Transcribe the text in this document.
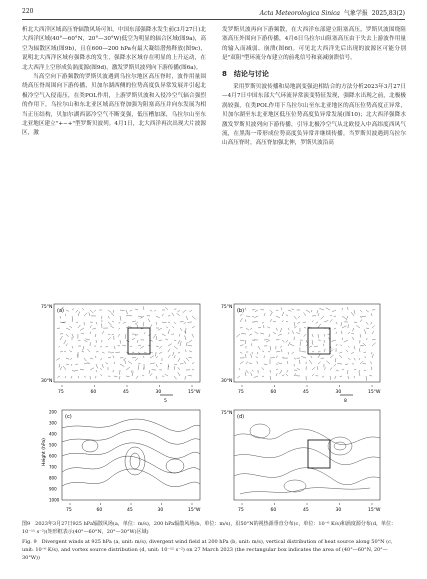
220	Acta Meteorologica Sinica 气象学报 2025,83(2)

析北大西洋区域高压脊辐散风场可知，中国东部强降水发生前(3月27日)北大西洋区域(40°—60°N，20°—30°W)低空为明显的辐合区域(图9a)，高空为辐散区域(图9b)，且在600—200 hPa有最大凝结潜热释放(图9c)，说明北大西洋区域有强降水的发生，强降水区域存在明显的上升运动，在北大西洋上空形成负涡度源(图9d)，激发罗斯贝波列向下游传播(图6a)。

当高空向下游频散的罗斯贝波遇到乌拉尔地区高压脊时，波作用量围绕高压脊周围向下游传播，贝加尔湖西侧的位势高度负异常发展并引起北极冷空气入侵南压，在类POL作用，上游罗斯贝波和入侵冷空气辐合强烈的作用下，乌拉尔山和东北亚区域高压脊加强为阻塞高压并向东发展为相当正压结构，贝加尔湖西部冷空气不断变强，低压槽加深，乌拉尔山至东北亚地区建立"+−+"型罗斯贝波列。4月1日，北大西洋再次出现大片波源区，激

发罗斯贝波再向下游频散，在大西洋东部建立阻塞高压，罗斯贝波围绕阻塞高压外围向下游传播，4月6日乌拉尔山阻塞高压由于失去上游波作用量的输入而减弱、崩溃(图6f)。可见北大西洋先后出现的波源区可能分别是"双阻"型环流分布建立的前兆信号和衰减崩溃信号。

8　结论与讨论

采用罗斯贝波传播和局地涡变强迫相结合的方法分析2023年3月27日—4月7日中国东部大气环流异常演变特征发现，强降水出现之前，北极极涡较强，在类POL作用下乌拉尔山至东北亚地区的高压位势高度正异常，贝加尔湖至东北亚地区低压位势高度负异常发展(图10)；北大西洋强降水激发罗斯贝波列向下游传播，引导北极冷空气从北欧侵入中高纬度西风气流，在黑海一带形成位势高度负异常并继续传播。当罗斯贝波遇到乌拉尔山高压脊时，高压脊加强北伸，罗斯贝波沿高

(a)
75°N
30°N
75	60	45	30	15°W
5
(b)
75°N
30°N
75	60	45	30	15°W
8
(c)
Height (hPa)
200
300
400
500
600
700
800
900
1000
75	60	45	30	15°W
(d)
75°N
75	60	45	30	15°W
图9　2023年3月27日925 hPa辐散风场(a，单位：m/s)，200 hPa辐散风场(b，单位：m/s)，沿50°N的视热源垂直分布(c，单位：10⁻⁶ K/s)和涡度源分布(d，单位：10⁻¹¹ s⁻²)(矩形框表示(40°—60°N，20°—30°W)区域)
Fig. 9　Divergent winds at 925 hPa (a, unit: m/s), divergent wind field at 200 hPa (b, unit: m/s), vertical distribution of heat source along 50°N (c, unit: 10⁻⁶ K/s), and vortex source distribution (d, unit: 10⁻¹¹ s⁻²) on 27 March 2023 (the rectangular box indicates the area of (40°—60°N, 20°—30°W))
